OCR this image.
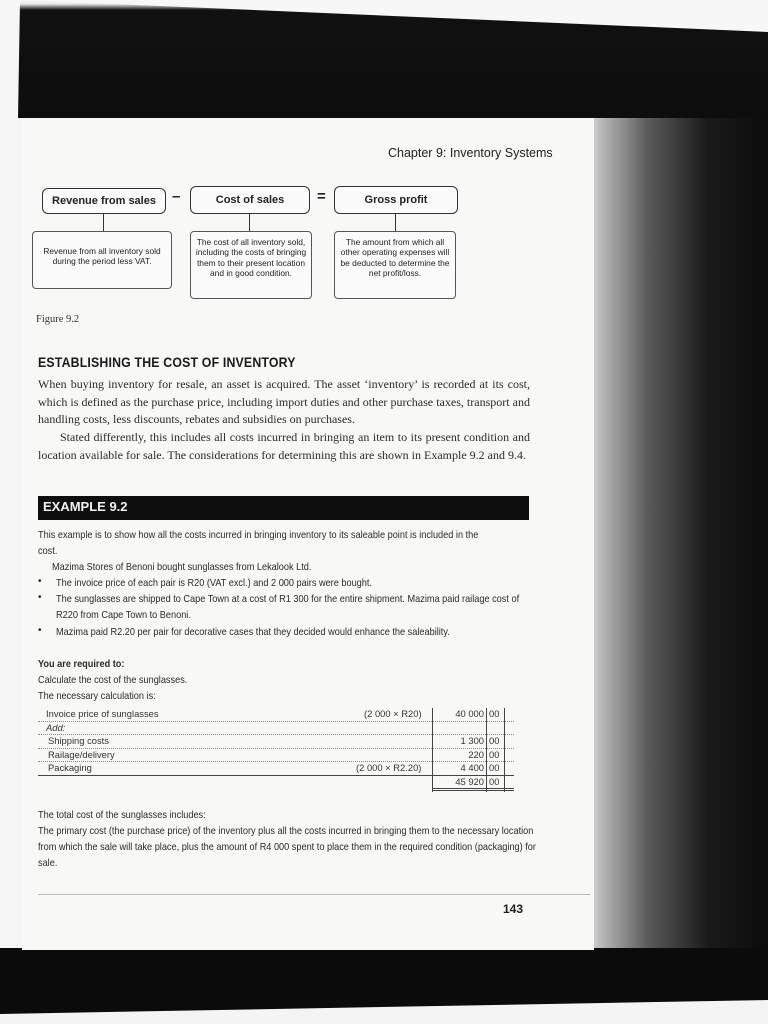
Chapter 9: Inventory Systems
Revenue from sales	–	Cost of sales	=	Gross profit
Revenue from all inventory sold during the period less VAT.
The cost of all inventory sold, including the costs of bringing them to their present location and in good condition.
The amount from which all other operating expenses will be deducted to determine the net profit/loss.
Figure 9.2
ESTABLISHING THE COST OF INVENTORY
When buying inventory for resale, an asset is acquired. The asset ‘inventory’ is recorded at its cost, which is defined as the purchase price, including import duties and other purchase taxes, transport and handling costs, less discounts, rebates and subsidies on purchases.
Stated differently, this includes all costs incurred in bringing an item to its present condition and location available for sale. The considerations for determining this are shown in Example 9.2 and 9.4.
EXAMPLE 9.2
This example is to show how all the costs incurred in bringing inventory to its saleable point is included in the cost.
Mazima Stores of Benoni bought sunglasses from Lekalook Ltd.
• The invoice price of each pair is R20 (VAT excl.) and 2 000 pairs were bought.
• The sunglasses are shipped to Cape Town at a cost of R1 300 for the entire shipment. Mazima paid railage cost of R220 from Cape Town to Benoni.
• Mazima paid R2.20 per pair for decorative cases that they decided would enhance the saleability.
You are required to:
Calculate the cost of the sunglasses.
The necessary calculation is:
Invoice price of sunglasses	(2 000 × R20)	40 000 00
Add:
Shipping costs	1 300 00
Railage/delivery	220 00
Packaging	(2 000 × R2.20)	4 400 00
45 920 00
The total cost of the sunglasses includes:
The primary cost (the purchase price) of the inventory plus all the costs incurred in bringing them to the necessary location from which the sale will take place, plus the amount of R4 000 spent to place them in the required condition (packaging) for sale.
143
